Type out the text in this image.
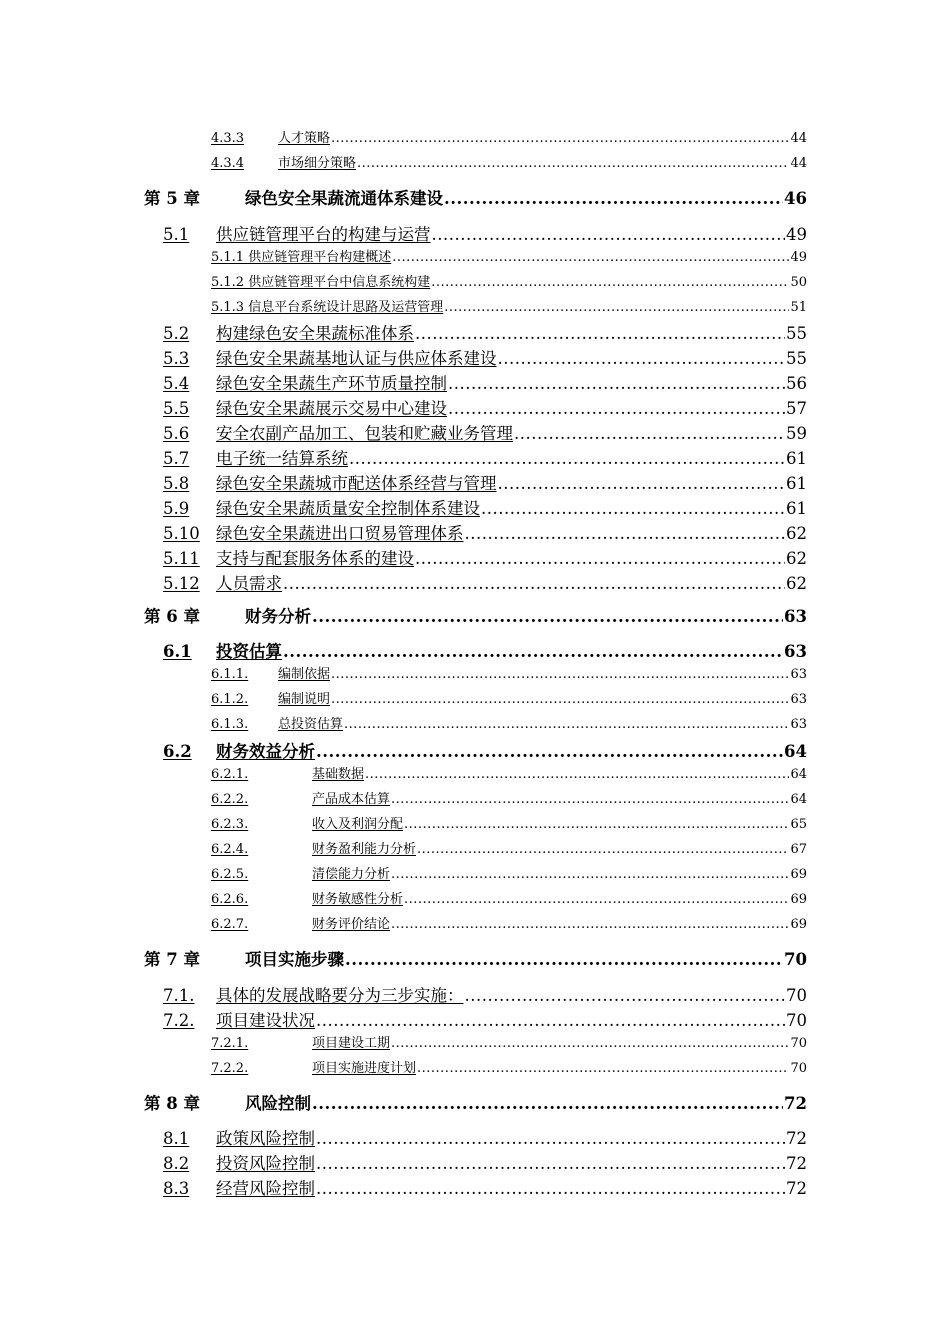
4.3.3	人才策略 .....	44
4.3.4	市场细分策略 .....	44
第 5 章	绿色安全果蔬流通体系建设 .....	46
5.1	供应链管理平台的构建与运营 .....	49
5.1.1 供应链管理平台构建概述 .....	49
5.1.2 供应链管理平台中信息系统构建 .....	50
5.1.3 信息平台系统设计思路及运营管理 .....	51
5.2	构建绿色安全果蔬标准体系 .....	55
5.3	绿色安全果蔬基地认证与供应体系建设 .....	55
5.4	绿色安全果蔬生产环节质量控制 .....	56
5.5	绿色安全果蔬展示交易中心建设 .....	57
5.6	安全农副产品加工、包装和贮藏业务管理 .....	59
5.7	电子统一结算系统 .....	61
5.8	绿色安全果蔬城市配送体系经营与管理 .....	61
5.9	绿色安全果蔬质量安全控制体系建设 .....	61
5.10 绿色安全果蔬进出口贸易管理体系 .....	62
5.11 支持与配套服务体系的建设 .....	62
5.12 人员需求 .....	62
第 6 章	财务分析 .....	63
6.1	投资估算 .....	63
6.1.1.	编制依据 .....	63
6.1.2.	编制说明 .....	63
6.1.3.	总投资估算 .....	63
6.2	财务效益分析 .....	64
6.2.1.	基础数据 .....	64
6.2.2.	产品成本估算 .....	64
6.2.3.	收入及利润分配 .....	65
6.2.4.	财务盈利能力分析 .....	67
6.2.5.	清偿能力分析 .....	69
6.2.6.	财务敏感性分析 .....	69
6.2.7.	财务评价结论 .....	69
第 7 章	项目实施步骤 .....	70
7.1.	具体的发展战略要分为三步实施： .....	70
7.2.	项目建设状况 .....	70
7.2.1.	项目建设工期 .....	70
7.2.2.	项目实施进度计划 .....	70
第 8 章	风险控制 .....	72
8.1	政策风险控制 .....	72
8.2	投资风险控制 .....	72
8.3	经营风险控制 .....	72
